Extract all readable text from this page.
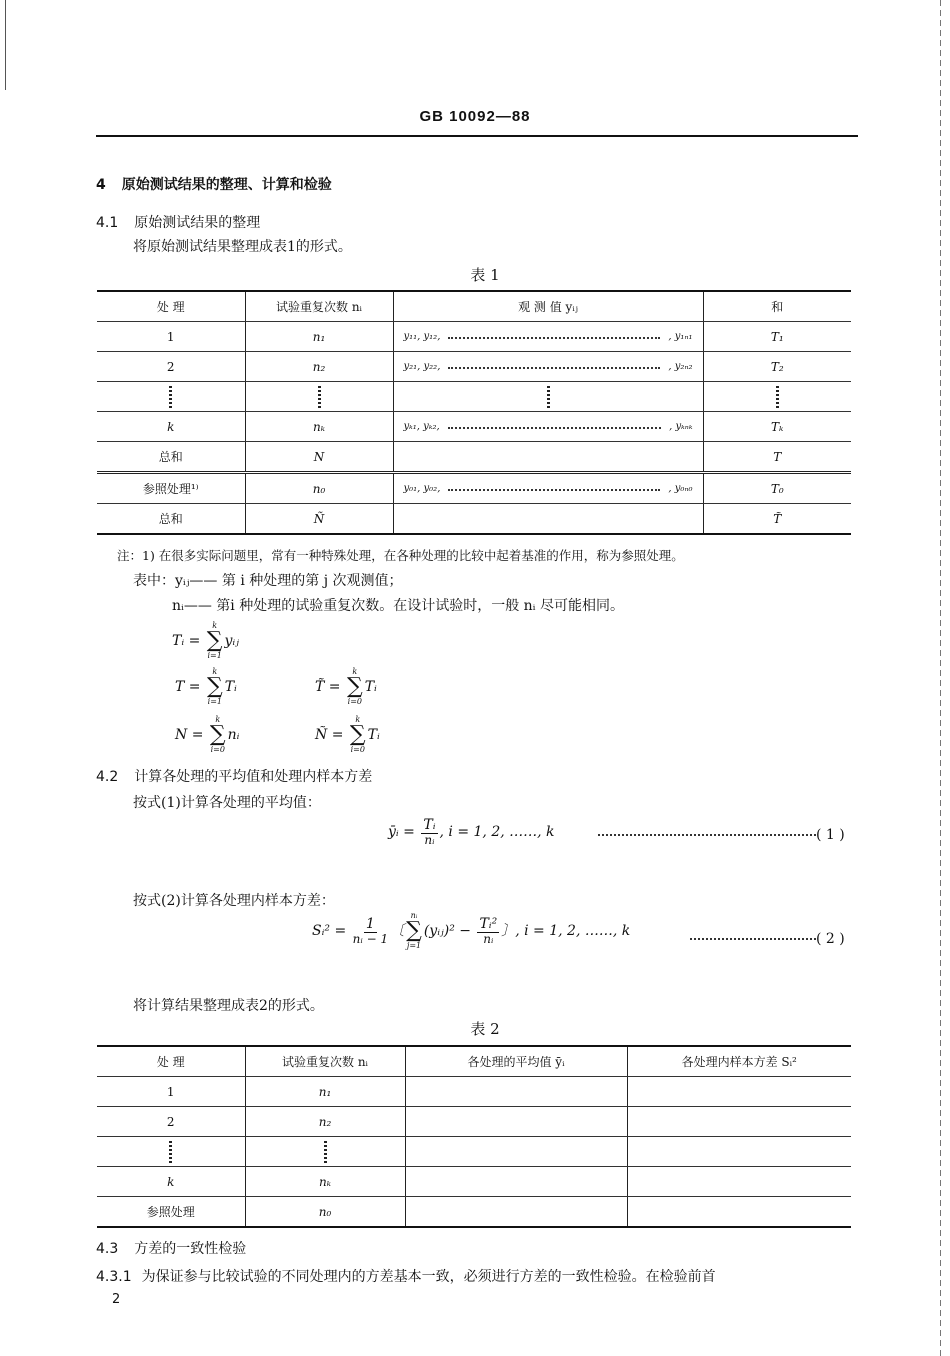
GB 10092—88
4 原始测试结果的整理、计算和检验
4.1 原始测试结果的整理
将原始测试结果整理成表1的形式。
表 1
处 理	试验重复次数 nᵢ	观 测 值 yᵢⱼ	和
1	n₁	y₁₁, y₁₂, , y₁ₙ₁	T₁
2	n₂	y₂₁, y₂₂, , y₂ₙ₂	T₂

k	nₖ	yₖ₁, yₖ₂, , yₖₙₖ	Tₖ
总和	N		T
参照处理¹⁾	n₀	y₀₁, y₀₂, , y₀ₙ₀	T₀
总和	Ñ		T̃
注：1) 在很多实际问题里，常有一种特殊处理，在各种处理的比较中起着基准的作用，称为参照处理。
表中：yᵢⱼ—— 第 i 种处理的第 j 次观测值；
nᵢ—— 第i 种处理的试验重复次数。在设计试验时，一般 nᵢ 尽可能相同。
Tᵢ =
k
∑
i=1
yᵢⱼ
T =
k
∑
i=1
Tᵢ	T̃ =
k
∑
i=0
Tᵢ
N =
k
∑
i=0
nᵢ	Ñ =
k
∑
i=0
Tᵢ
4.2 计算各处理的平均值和处理内样本方差
按式(1)计算各处理的平均值：
ȳᵢ = $\frac{\text{Tᵢ}}{\text{nᵢ}}$ , i = 1, 2, ……, k	( 1 )
按式(2)计算各处理内样本方差：
Sᵢ² = $\frac{1}{\text{nᵢ − 1}}$ 〔
nᵢ
∑
j=1
(yᵢⱼ)² − $\frac{\text{Tᵢ²}}{\text{nᵢ}}$ 〕, i = 1, 2, ……, k	( 2 )
将计算结果整理成表2的形式。
表 2
处 理	试验重复次数 nᵢ	各处理的平均值 ȳᵢ	各处理内样本方差 Sᵢ²
1	n₁		
2	n₂		

k	nₖ		
参照处理	n₀		
4.3 方差的一致性检验
4.3.1 为保证参与比较试验的不同处理内的方差基本一致，必须进行方差的一致性检验。在检验前首
2
